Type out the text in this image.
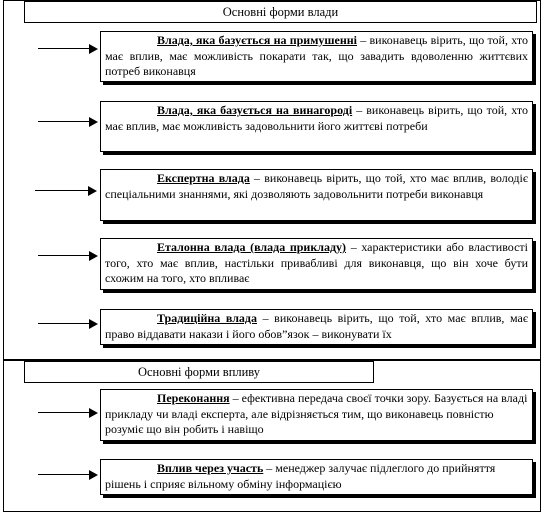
Основні форми влади
Основні форми впливу

Влада, яка базується на примушенні – виконавець вірить, що той, хто має вплив, має можливість покарати так, що завадить вдоволенню життєвих потреб виконавця

Влада, яка базується на винагороді – виконавець вірить, що той, хто має вплив, має можливість задовольнити його життєві потреби

Експертна влада – виконавець вірить, що той, хто має вплив, володіє спеціальними знаннями, які дозволяють задовольнити потреби виконавця

Еталонна влада (влада прикладу) – характеристики або властивості того, хто має вплив, настільки привабливі для виконавця, що він хоче бути схожим на того, хто впливає

Традиційна влада – виконавець вірить, що той, хто має вплив, має право віддавати накази і його обов”язок – виконувати їх

Переконання – ефективна передача своєї точки зору. Базується на владі прикладу чи владі експерта, але відрізняється тим, що виконавець повністю розуміє що він робить і навіщо

Вплив через участь – менеджер залучає підлеглого до прийняття рішень і сприяє вільному обміну інформацією
